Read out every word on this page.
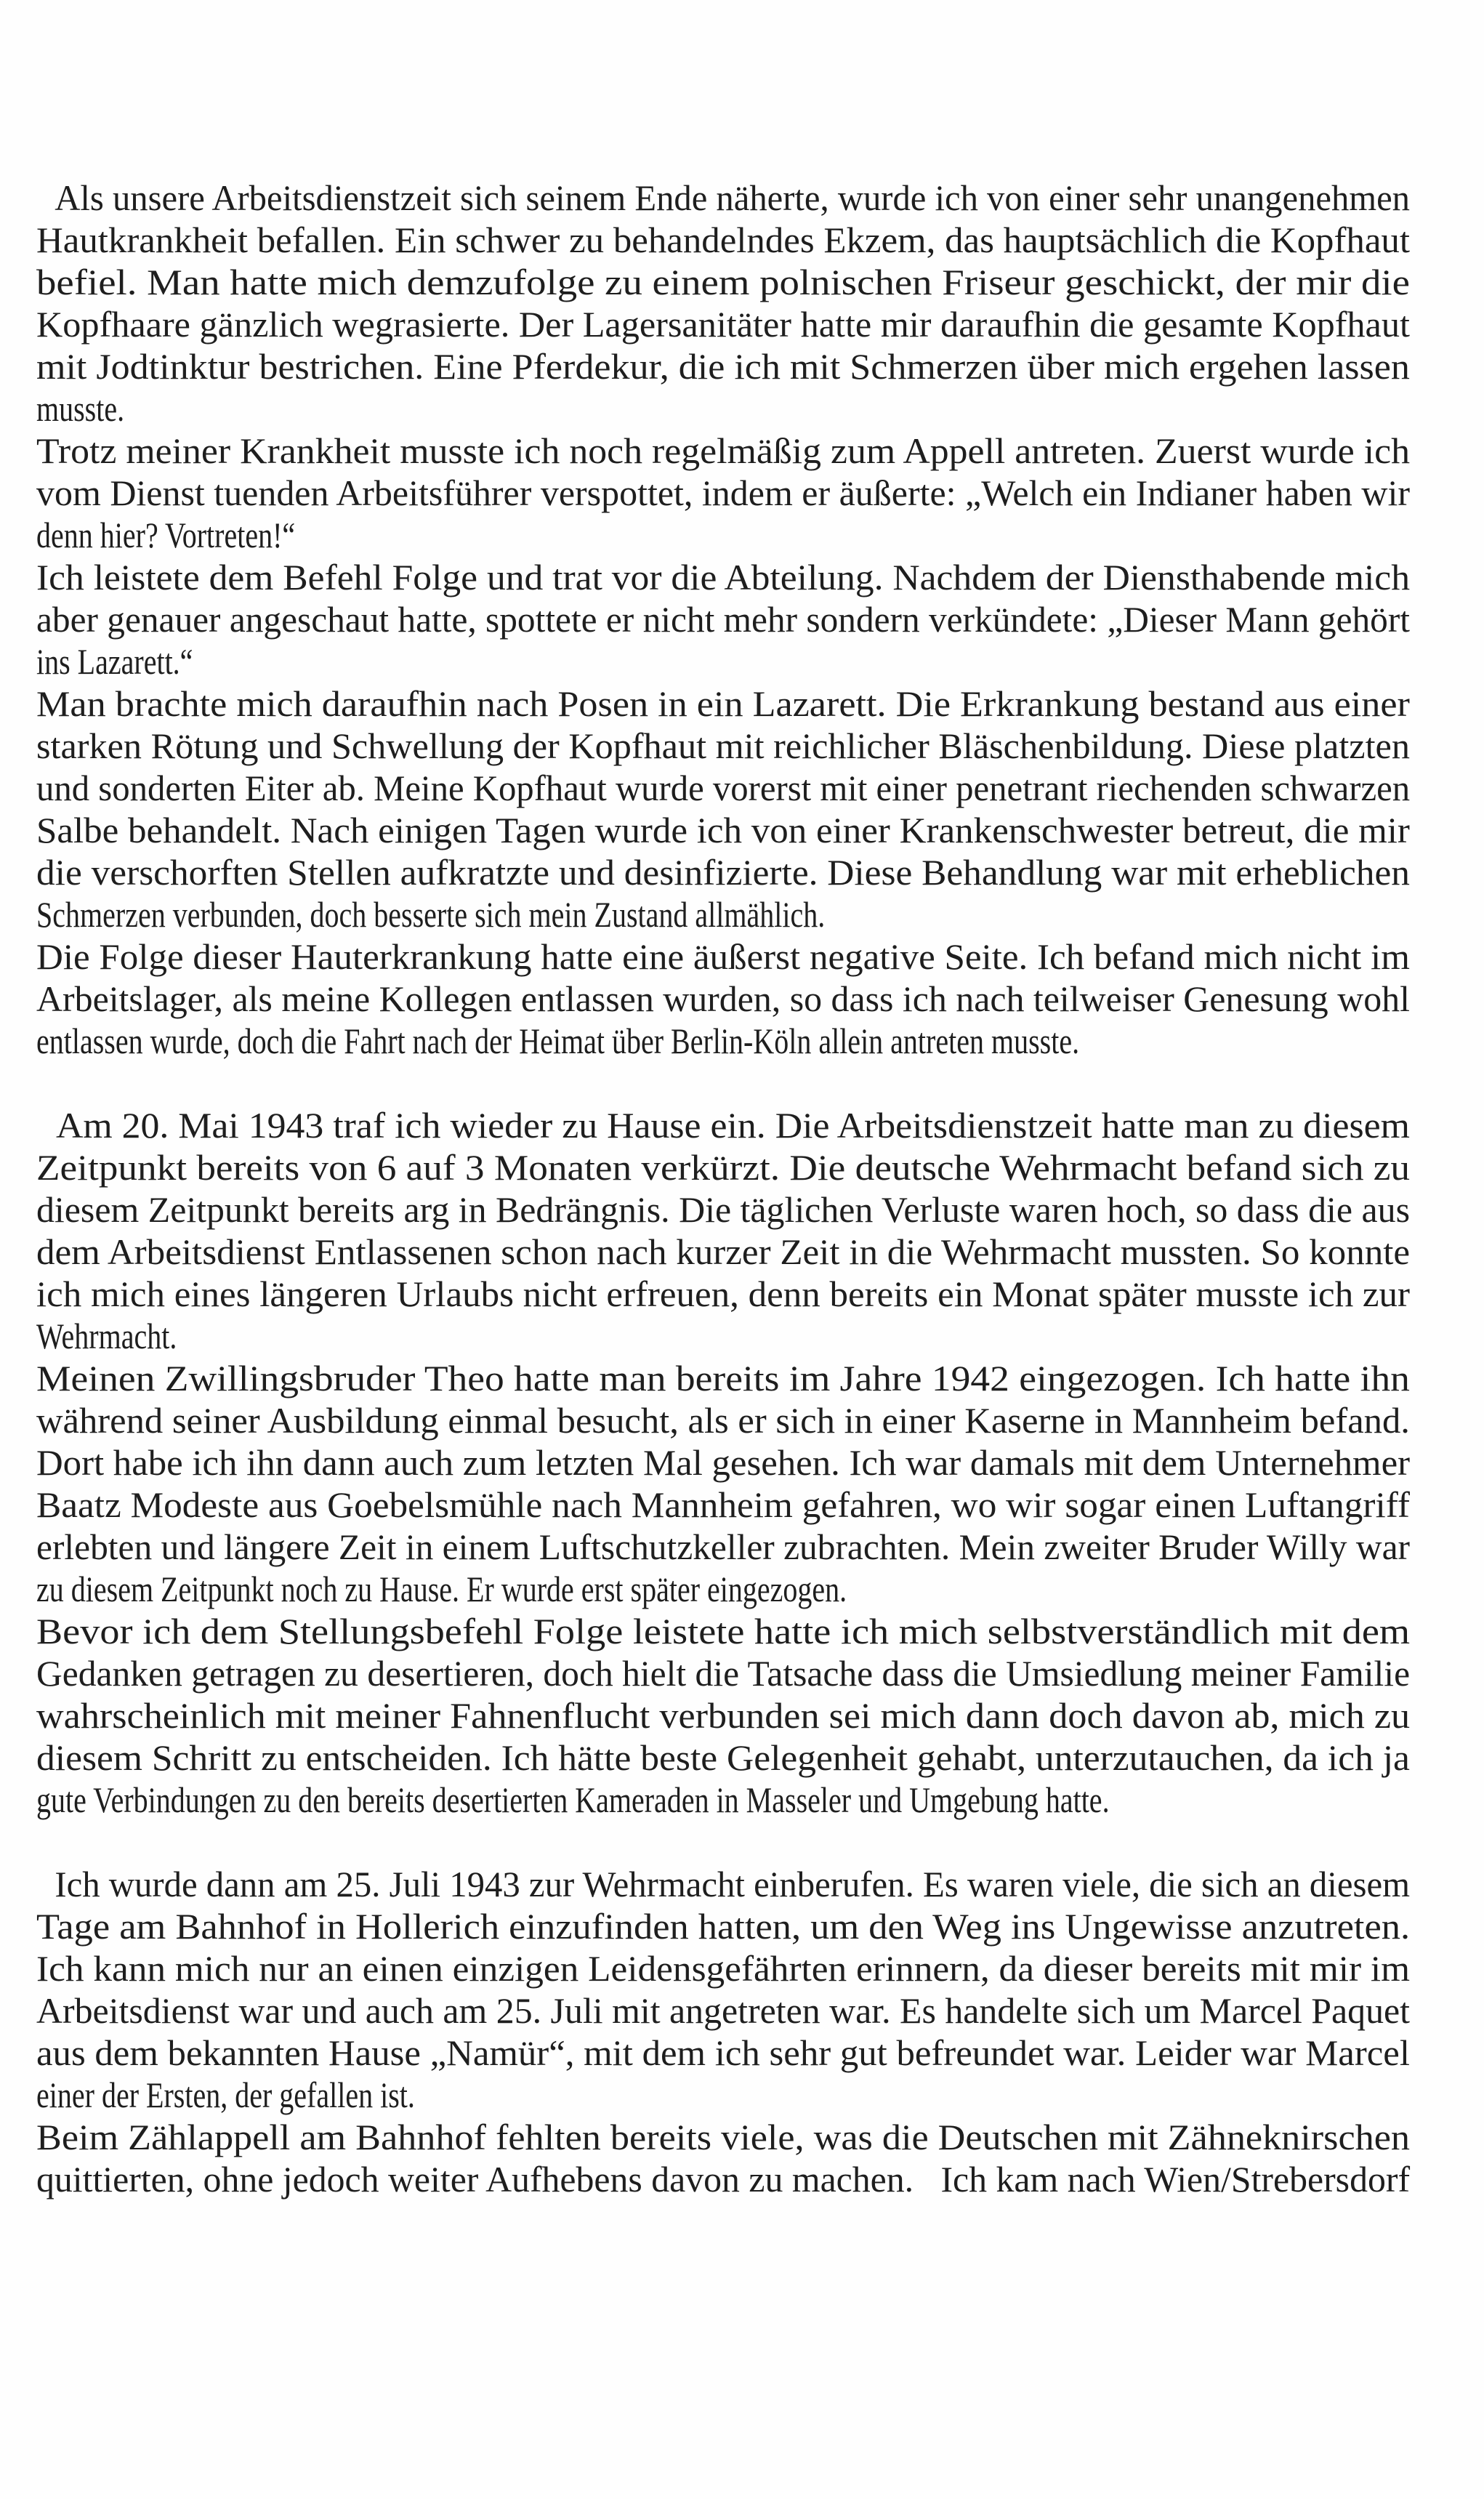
Als unsere Arbeitsdienstzeit sich seinem Ende näherte, wurde ich von einer sehr unangenehmen
Hautkrankheit befallen. Ein schwer zu behandelndes Ekzem, das hauptsächlich die Kopfhaut
befiel. Man hatte mich demzufolge zu einem polnischen Friseur geschickt, der mir die
Kopfhaare gänzlich wegrasierte. Der Lagersanitäter hatte mir daraufhin die gesamte Kopfhaut
mit Jodtinktur bestrichen. Eine Pferdekur, die ich mit Schmerzen über mich ergehen lassen
musste.
Trotz meiner Krankheit musste ich noch regelmäßig zum Appell antreten. Zuerst wurde ich
vom Dienst tuenden Arbeitsführer verspottet, indem er äußerte: „Welch ein Indianer haben wir
denn hier? Vortreten!“
Ich leistete dem Befehl Folge und trat vor die Abteilung. Nachdem der Diensthabende mich
aber genauer angeschaut hatte, spottete er nicht mehr sondern verkündete: „Dieser Mann gehört
ins Lazarett.“
Man brachte mich daraufhin nach Posen in ein Lazarett. Die Erkrankung bestand aus einer
starken Rötung und Schwellung der Kopfhaut mit reichlicher Bläschenbildung. Diese platzten
und sonderten Eiter ab. Meine Kopfhaut wurde vorerst mit einer penetrant riechenden schwarzen
Salbe behandelt. Nach einigen Tagen wurde ich von einer Krankenschwester betreut, die mir
die verschorften Stellen aufkratzte und desinfizierte. Diese Behandlung war mit erheblichen
Schmerzen verbunden, doch besserte sich mein Zustand allmählich.
Die Folge dieser Hauterkrankung hatte eine äußerst negative Seite. Ich befand mich nicht im
Arbeitslager, als meine Kollegen entlassen wurden, so dass ich nach teilweiser Genesung wohl
entlassen wurde, doch die Fahrt nach der Heimat über Berlin-Köln allein antreten musste.
Am 20. Mai 1943 traf ich wieder zu Hause ein. Die Arbeitsdienstzeit hatte man zu diesem
Zeitpunkt bereits von 6 auf 3 Monaten verkürzt. Die deutsche Wehrmacht befand sich zu
diesem Zeitpunkt bereits arg in Bedrängnis. Die täglichen Verluste waren hoch, so dass die aus
dem Arbeitsdienst Entlassenen schon nach kurzer Zeit in die Wehrmacht mussten. So konnte
ich mich eines längeren Urlaubs nicht erfreuen, denn bereits ein Monat später musste ich zur
Wehrmacht.
Meinen Zwillingsbruder Theo hatte man bereits im Jahre 1942 eingezogen. Ich hatte ihn
während seiner Ausbildung einmal besucht, als er sich in einer Kaserne in Mannheim befand.
Dort habe ich ihn dann auch zum letzten Mal gesehen. Ich war damals mit dem Unternehmer
Baatz Modeste aus Goebelsmühle nach Mannheim gefahren, wo wir sogar einen Luftangriff
erlebten und längere Zeit in einem Luftschutzkeller zubrachten. Mein zweiter Bruder Willy war
zu diesem Zeitpunkt noch zu Hause. Er wurde erst später eingezogen.
Bevor ich dem Stellungsbefehl Folge leistete hatte ich mich selbstverständlich mit dem
Gedanken getragen zu desertieren, doch hielt die Tatsache dass die Umsiedlung meiner Familie
wahrscheinlich mit meiner Fahnenflucht verbunden sei mich dann doch davon ab, mich zu
diesem Schritt zu entscheiden. Ich hätte beste Gelegenheit gehabt, unterzutauchen, da ich ja
gute Verbindungen zu den bereits desertierten Kameraden in Masseler und Umgebung hatte.
Ich wurde dann am 25. Juli 1943 zur Wehrmacht einberufen. Es waren viele, die sich an diesem
Tage am Bahnhof in Hollerich einzufinden hatten, um den Weg ins Ungewisse anzutreten.
Ich kann mich nur an einen einzigen Leidensgefährten erinnern, da dieser bereits mit mir im
Arbeitsdienst war und auch am 25. Juli mit angetreten war. Es handelte sich um Marcel Paquet
aus dem bekannten Hause „Namür“, mit dem ich sehr gut befreundet war. Leider war Marcel
einer der Ersten, der gefallen ist.
Beim Zählappell am Bahnhof fehlten bereits viele, was die Deutschen mit Zähneknirschen
quittierten, ohne jedoch weiter Aufhebens davon zu machen.   Ich kam nach Wien/Strebersdorf
